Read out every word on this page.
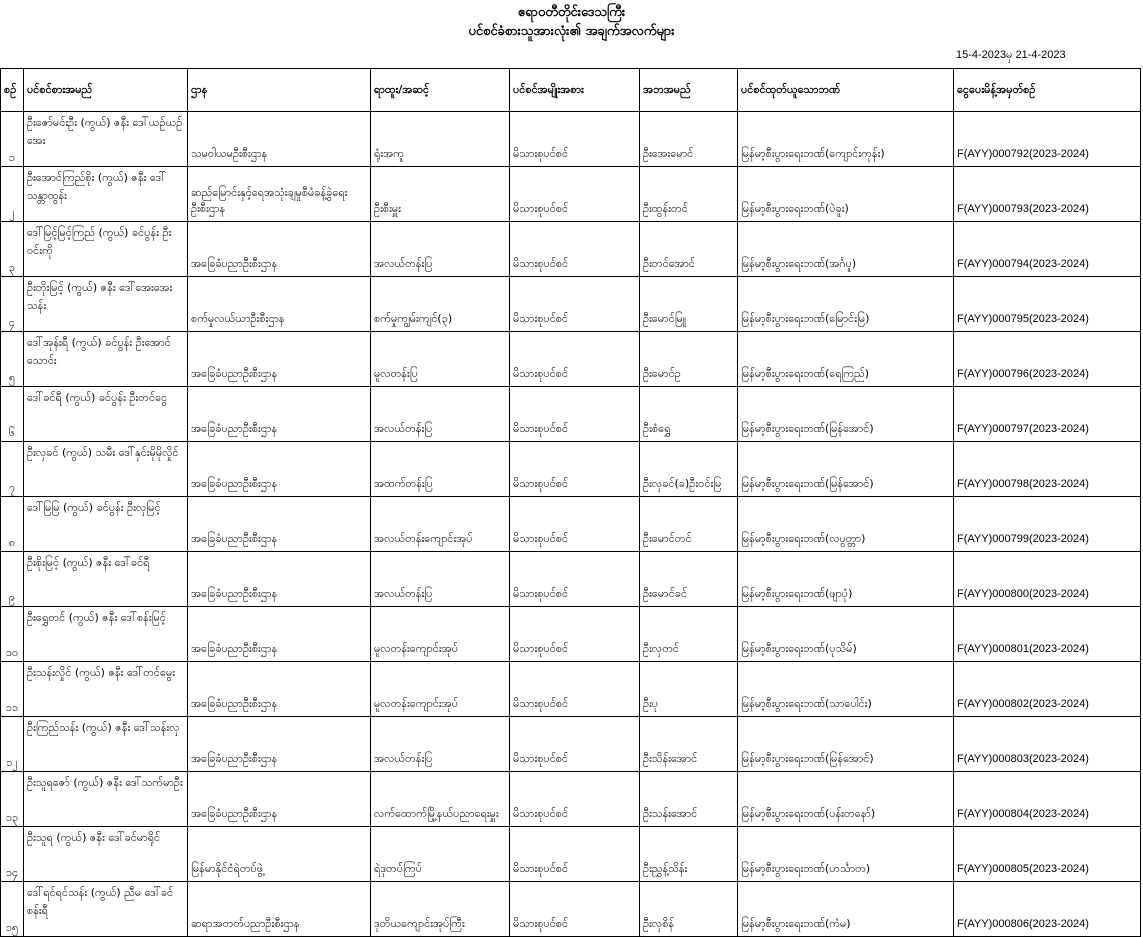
ဧရာဝတီတိုင်းဒေသကြီး
ပင်စင်ခံစားသူအားလုံး၏ အချက်အလက်များ
15-4-2023မှ 21-4-2023
စဉ်	ပင်စင်စားအမည်	ဌာန	ရာထူး/အဆင့်	ပင်စင်အမျိုးအစား	အဘအမည်	ပင်စင်ထုတ်ယူသောဘဏ်	ငွေပေးမိန့်အမှတ်စဉ်
၁	ဦးဇော်မင်းဦး (ကွယ်) ဇနီး ဒေါ်ယဉ်ယဉ်အေး	သမဝါယမဦးစီးဌာန	ရုံးအကူ	မိသားစုပင်စင်	ဦးအေးမောင်	မြန်မာ့စီးပွားရေးဘဏ်(ကျောင်းကုန်း)	F(AYY)000792(2023-2024)
၂	ဦးအောင်ကြည်စိုး (ကွယ်) ဇနီး ဒေါ်သန္တာထွန်း	ဆည်မြောင်းနှင့်ရေအသုံးချမှုစီမံခန့်ခွဲရေးဦးစီးဌာန	ဦးစီးမှူး	မိသားစုပင်စင်	ဦးထွန်းတင်	မြန်မာ့စီးပွားရေးဘဏ်(ပဲခူး)	F(AYY)000793(2023-2024)
၃	ဒေါ်မြင့်မြင့်ကြည် (ကွယ်) ခင်ပွန်း ဦးဝင်းကို	အခြေခံပညာဦးစီးဌာန	အလယ်တန်းပြ	မိသားစုပင်စင်	ဦးတင်အောင်	မြန်မာ့စီးပွားရေးဘဏ်(အင်္ဂပူ)	F(AYY)000794(2023-2024)
၄	ဦးတိုးမြင့် (ကွယ်) ဇနီး ဒေါ်အေးအေးသန်း	စက်မှုလယ်ယာဦးစီးဌာန	စက်မှုကျွမ်းကျင်(၃)	မိသားစုပင်စင်	ဦးမောင်မြူ	မြန်မာ့စီးပွားရေးဘဏ်(မြောင်းမြ)	F(AYY)000795(2023-2024)
၅	ဒေါ်အုန်းရီ (ကွယ်) ခင်ပွန်း ဦးအောင်သောင်း	အခြေခံပညာဦးစီးဌာန	မူလတန်းပြ	မိသားစုပင်စင်	ဦးမောင်ဥ	မြန်မာ့စီးပွားရေးဘဏ်(ရေကြည်)	F(AYY)000796(2023-2024)
၆	ဒေါ်ခင်ရီ (ကွယ်) ခင်ပွန်း ဦးတင်ငွေ	အခြေခံပညာဦးစီးဌာန	အလယ်တန်းပြ	မိသားစုပင်စင်	ဦးစံရွှေ	မြန်မာ့စီးပွားရေးဘဏ်(မြန်အောင်)	F(AYY)000797(2023-2024)
၇	ဦးလှခင် (ကွယ်) သမီး ဒေါ်နှင်းမိုမိုလှိုင်	အခြေခံပညာဦးစီးဌာန	အထက်တန်းပြ	မိသားစုပင်စင်	ဦးလှခင်(ခ)ဦးဝင်းမြ	မြန်မာ့စီးပွားရေးဘဏ်(မြန်အောင်)	F(AYY)000798(2023-2024)
၈	ဒေါ်မြမြ (ကွယ်) ခင်ပွန်း ဦးလှမြင့်	အခြေခံပညာဦးစီးဌာန	အလယ်တန်းကျောင်းအုပ်	မိသားစုပင်စင်	ဦးမောင်တင်	မြန်မာ့စီးပွားရေးဘဏ်(လပွတ္တာ)	F(AYY)000799(2023-2024)
၉	ဦးစိုးမြင့် (ကွယ်) ဇနီး ဒေါ်ခင်ရီ	အခြေခံပညာဦးစီးဌာန	အလယ်တန်းပြ	မိသားစုပင်စင်	ဦးမောင်ခင်	မြန်မာ့စီးပွားရေးဘဏ်(ဖျာပုံ)	F(AYY)000800(2023-2024)
၁၀	ဦးရွှေတင် (ကွယ်) ဇနီး ဒေါ်စန်းမြင့်	အခြေခံပညာဦးစီးဌာန	မူလတန်းကျောင်းအုပ်	မိသားစုပင်စင်	ဦးလှတင်	မြန်မာ့စီးပွားရေးဘဏ်(ပုသိမ်)	F(AYY)000801(2023-2024)
၁၁	ဦးသန်းလှိုင် (ကွယ်) ဇနီး ဒေါ်တင်မွေး	အခြေခံပညာဦးစီးဌာန	မူလတန်းကျောင်းအုပ်	မိသားစုပင်စင်	ဦးပု	မြန်မာ့စီးပွားရေးဘဏ်(သာပေါင်း)	F(AYY)000802(2023-2024)
၁၂	ဦးကြည်သန်း (ကွယ်) ဇနီး ဒေါ်သန်းလှ	အခြေခံပညာဦးစီးဌာန	အလယ်တန်းပြ	မိသားစုပင်စင်	ဦးသိန်းအောင်	မြန်မာ့စီးပွားရေးဘဏ်(မြန်အောင်)	F(AYY)000803(2023-2024)
၁၃	ဦးသူရဇော် (ကွယ်) ဇနီး ဒေါ်သက်မာဦး	အခြေခံပညာဦးစီးဌာန	လက်ထောက်မြို့နယ်ပညာရေးမှူး	မိသားစုပင်စင်	ဦးသန်းအောင်	မြန်မာ့စီးပွားရေးဘဏ်(ပန်းတနော်)	F(AYY)000804(2023-2024)
၁၄	ဦးသူရ (ကွယ်) ဇနီး ဒေါ်ခင်မာရိုင်	မြန်မာနိုင်ငံရဲတပ်ဖွဲ့	ရဲဒုတပ်ကြပ်	မိသားစုပင်စင်	ဦးညွှန့်သိန်း	မြန်မာ့စီးပွားရေးဘဏ်(ဟင်္သာတ)	F(AYY)000805(2023-2024)
၁၅	ဒေါ်ရင်ရင်သန်း (ကွယ်) ညီမ ဒေါ်ခင်စန်းရီ	ဆရာအတတ်ပညာဦးစီးဌာန	ဒုတိယကျောင်းအုပ်ကြီး	မိသားစုပင်စင်	ဦးလှစိန်	မြန်မာ့စီးပွားရေးဘဏ်(ကံမ)	F(AYY)000806(2023-2024)
